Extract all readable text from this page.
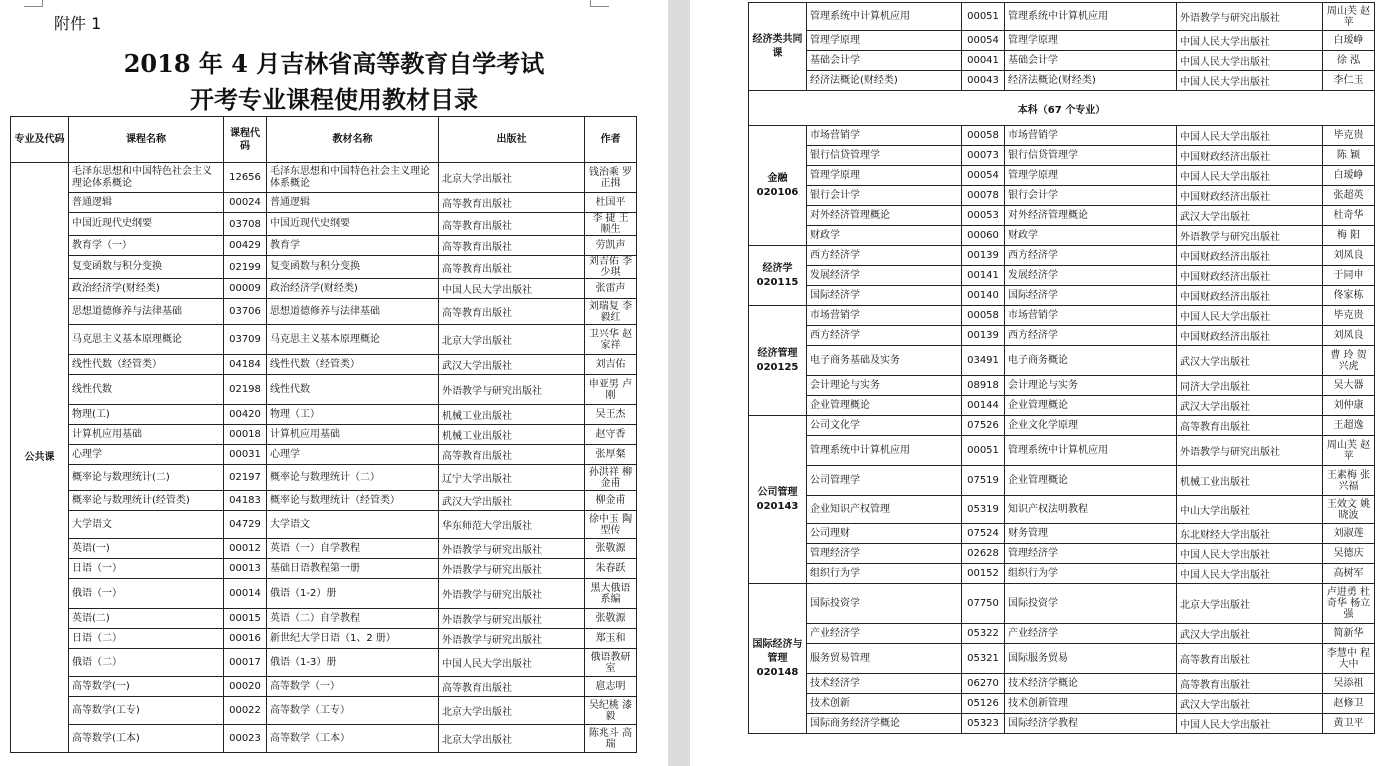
附件 1
2018 年 4 月吉林省高等教育自学考试
开考专业课程使用教材目录
专业及代码	课程名称	课程代码	教材名称	出版社	作者
公共课	毛泽东思想和中国特色社会主义理论体系概论	12656	毛泽东思想和中国特色社会主义理论体系概论	北京大学出版社	钱治乘 罗正揖
	普通逻辑	00024	普通逻辑	高等教育出版社	杜国平
	中国近现代史纲要	03708	中国近现代史纲要	高等教育出版社	李 捷 王顺生
	教育学（一）	00429	教育学	高等教育出版社	劳凯声
	复变函数与积分变换	02199	复变函数与积分变换	高等教育出版社	刘吉佑 李少琪
	政治经济学(财经类)	00009	政治经济学(财经类)	中国人民大学出版社	张雷声
	思想道德修养与法律基础	03706	思想道德修养与法律基础	高等教育出版社	刘瑞复 李毅红
	马克思主义基本原理概论	03709	马克思主义基本原理概论	北京大学出版社	卫兴华 赵家祥
	线性代数（经管类）	04184	线性代数（经管类）	武汉大学出版社	刘吉佑
	线性代数	02198	线性代数	外语教学与研究出版社	申亚男 卢 刚
	物理(工)	00420	物理（工）	机械工业出版社	吴王杰
	计算机应用基础	00018	计算机应用基础	机械工业出版社	赵守香
	心理学	00031	心理学	高等教育出版社	张厚粲
	概率论与数理统计(二)	02197	概率论与数理统计（二）	辽宁大学出版社	孙洪祥 柳金甫
	概率论与数理统计(经管类)	04183	概率论与数理统计（经管类）	武汉大学出版社	柳金甫
	大学语文	04729	大学语文	华东师范大学出版社	徐中玉 陶型传
	英语(一)	00012	英语（一）自学教程	外语教学与研究出版社	张敬源
	日语（一）	00013	基础日语教程第一册	外语教学与研究出版社	朱春跃
	俄语（一）	00014	俄语（1-2）册	外语教学与研究出版社	黑大俄语系编
	英语(二)	00015	英语（二）自学教程	外语教学与研究出版社	张敬源
	日语（二）	00016	新世纪大学日语（1、2 册）	外语教学与研究出版社	郑玉和
	俄语（二）	00017	俄语（1-3）册	中国人民大学出版社	俄语教研室
	高等数学(一)	00020	高等数学（一）	高等教育出版社	扈志明
	高等数学(工专)	00022	高等数学（工专）	北京大学出版社	吴纪桃 漆 毅
	高等数学(工本)	00023	高等数学（工本）	北京大学出版社	陈兆斗 高 瑞
经济类共同课	管理系统中计算机应用	00051	管理系统中计算机应用	外语教学与研究出版社	周山芙 赵 苹
	管理学原理	00054	管理学原理	中国人民大学出版社	白瑷峥
	基础会计学	00041	基础会计学	中国人民大学出版社	徐 泓
	经济法概论(财经类)	00043	经济法概论(财经类)	中国人民大学出版社	李仁玉
本科（67 个专业）					
金融 020106	市场营销学	00058	市场营销学	中国人民大学出版社	毕克贵
	银行信贷管理学	00073	银行信贷管理学	中国财政经济出版社	陈 颖
	管理学原理	00054	管理学原理	中国人民大学出版社	白瑷峥
	银行会计学	00078	银行会计学	中国财政经济出版社	张超英
	对外经济管理概论	00053	对外经济管理概论	武汉大学出版社	杜奇华
	财政学	00060	财政学	外语教学与研究出版社	梅 阳
经济学 020115	西方经济学	00139	西方经济学	中国财政经济出版社	刘凤良
	发展经济学	00141	发展经济学	中国财政经济出版社	于同申
	国际经济学	00140	国际经济学	中国财政经济出版社	佟家栋
经济管理 020125	市场营销学	00058	市场营销学	中国人民大学出版社	毕克贵
	西方经济学	00139	西方经济学	中国财政经济出版社	刘凤良
	电子商务基础及实务	03491	电子商务概论	武汉大学出版社	曹 玲 贺兴虎
	会计理论与实务	08918	会计理论与实务	同济大学出版社	吴大器
	企业管理概论	00144	企业管理概论	武汉大学出版社	刘仲康
公司管理 020143	公司文化学	07526	企业文化学原理	高等教育出版社	王超逸
	管理系统中计算机应用	00051	管理系统中计算机应用	外语教学与研究出版社	周山芙 赵 苹
	公司管理学	07519	企业管理概论	机械工业出版社	王素梅 张兴福
	企业知识产权管理	05319	知识产权法明教程	中山大学出版社	王效文 姚晓波
	公司理财	07524	财务管理	东北财经大学出版社	刘淑莲
	管理经济学	02628	管理经济学	中国人民大学出版社	吴德庆
	组织行为学	00152	组织行为学	中国人民大学出版社	高树军
国际经济与管理 020148	国际投资学	07750	国际投资学	北京大学出版社	卢进勇 杜奇华 杨立强
	产业经济学	05322	产业经济学	武汉大学出版社	简新华
	服务贸易管理	05321	国际服务贸易	高等教育出版社	李慧中 程大中
	技术经济学	06270	技术经济学概论	高等教育出版社	吴添祖
	技术创新	05126	技术创新管理	武汉大学出版社	赵修卫
	国际商务经济学概论	05323	国际经济学教程	中国人民大学出版社	黄卫平
